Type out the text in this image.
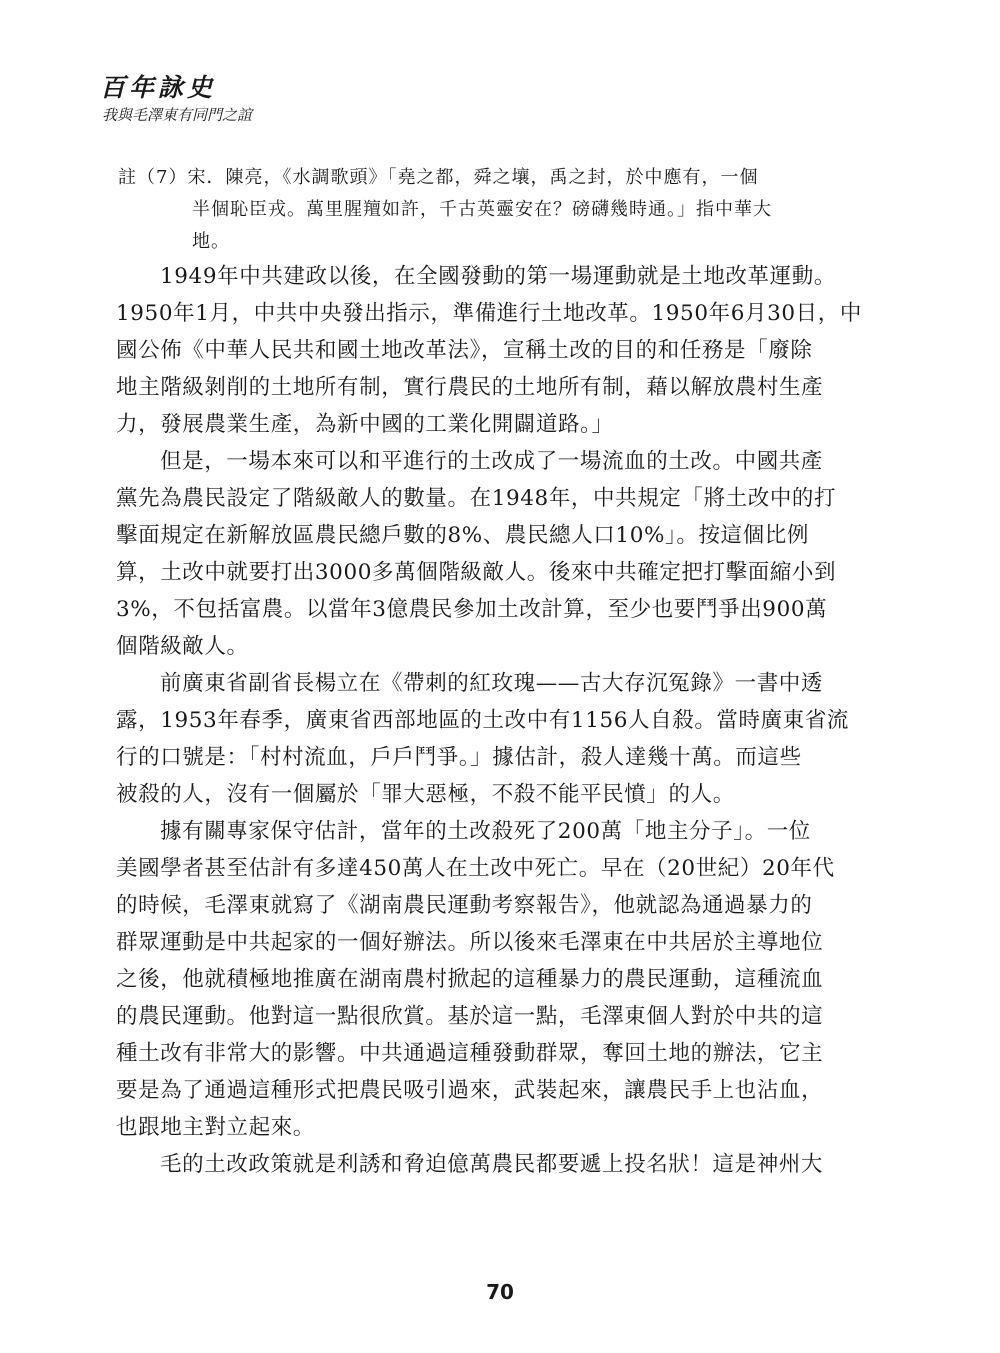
百年詠史
我與毛澤東有同門之誼
註（7）宋．陳亮，《水調歌頭》「堯之都，舜之壤，禹之封，於中應有，一個
半個恥臣戎。萬里腥羶如許，千古英靈安在？磅礴幾時通。」指中華大
地。
1949年中共建政以後，在全國發動的第一場運動就是土地改革運動。
1950年1月，中共中央發出指示，準備進行土地改革。1950年6月30日，中
國公佈《中華人民共和國土地改革法》，宣稱土改的目的和任務是「廢除
地主階級剝削的土地所有制，實行農民的土地所有制，藉以解放農村生產
力，發展農業生產，為新中國的工業化開闢道路。」
但是，一場本來可以和平進行的土改成了一場流血的土改。中國共產
黨先為農民設定了階級敵人的數量。在1948年，中共規定「將土改中的打
擊面規定在新解放區農民總戶數的8%、農民總人口10%」。按這個比例
算，土改中就要打出3000多萬個階級敵人。後來中共確定把打擊面縮小到
3%，不包括富農。以當年3億農民參加土改計算，至少也要鬥爭出900萬
個階級敵人。
前廣東省副省長楊立在《帶刺的紅玫瑰——古大存沉冤錄》一書中透
露，1953年春季，廣東省西部地區的土改中有1156人自殺。當時廣東省流
行的口號是：「村村流血，戶戶鬥爭。」據估計，殺人達幾十萬。而這些
被殺的人，沒有一個屬於「罪大惡極，不殺不能平民憤」的人。
據有關專家保守估計，當年的土改殺死了200萬「地主分子」。一位
美國學者甚至估計有多達450萬人在土改中死亡。早在（20世紀）20年代
的時候，毛澤東就寫了《湖南農民運動考察報告》，他就認為通過暴力的
群眾運動是中共起家的一個好辦法。所以後來毛澤東在中共居於主導地位
之後，他就積極地推廣在湖南農村掀起的這種暴力的農民運動，這種流血
的農民運動。他對這一點很欣賞。基於這一點，毛澤東個人對於中共的這
種土改有非常大的影響。中共通過這種發動群眾，奪回土地的辦法，它主
要是為了通過這種形式把農民吸引過來，武裝起來，讓農民手上也沾血，
也跟地主對立起來。
毛的土改政策就是利誘和脅迫億萬農民都要遞上投名狀！這是神州大
70
